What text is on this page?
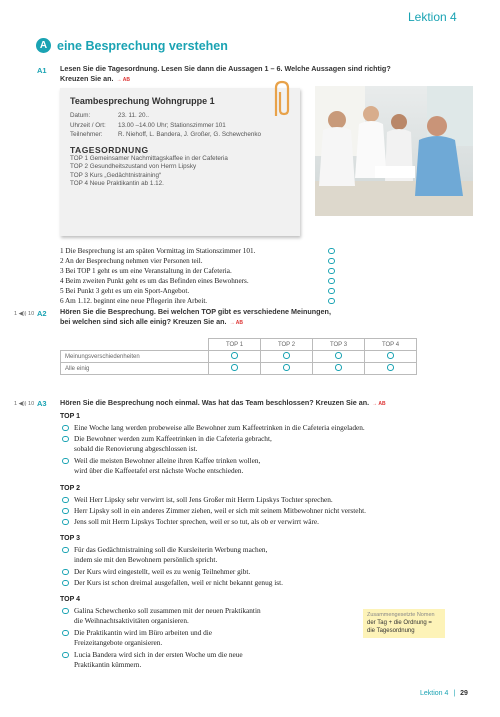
Lektion 4
A eine Besprechung verstehen
A1 Lesen Sie die Tagesordnung. Lesen Sie dann die Aussagen 1 – 6. Welche Aussagen sind richtig?
Kreuzen Sie an. → AB
Teambesprechung Wohngruppe 1
Datum:	23. 11. 20..
Uhrzeit / Ort:	13.00 –14.00 Uhr; Stationszimmer 101
Teilnehmer:	R. Niehoff, L. Bandera, J. Großer, G. Schewchenko
TAGESORDNUNG
TOP 1 Gemeinsamer Nachmittagskaffee in der Cafeteria
TOP 2 Gesundheitszustand von Herrn Lipsky
TOP 3 Kurs „Gedächtnistraining“
TOP 4 Neue Praktikantin ab 1.12.
1 Die Besprechung ist am späten Vormittag im Stationszimmer 101.
2 An der Besprechung nehmen vier Personen teil.
3 Bei TOP 1 geht es um eine Veranstaltung in der Cafeteria.
4 Beim zweiten Punkt geht es um das Befinden eines Bewohners.
5 Bei Punkt 3 geht es um ein Sport-Angebot.
6 Am 1.12. beginnt eine neue Pflegerin ihre Arbeit.
1 ◀)) 10 A2 Hören Sie die Besprechung. Bei welchen TOP gibt es verschiedene Meinungen,
bei welchen sind sich alle einig? Kreuzen Sie an. → AB
	TOP 1	TOP 2	TOP 3	TOP 4
Meinungsverschiedenheiten				
Alle einig				
1 ◀)) 10 A3 Hören Sie die Besprechung noch einmal. Was hat das Team beschlossen? Kreuzen Sie an. → AB
TOP 1
Eine Woche lang werden probeweise alle Bewohner zum Kaffeetrinken in die Cafeteria eingeladen.
Die Bewohner werden zum Kaffeetrinken in die Cafeteria gebracht,
sobald die Renovierung abgeschlossen ist.
Weil die meisten Bewohner alleine ihren Kaffee trinken wollen,
wird über die Kaffeetafel erst nächste Woche entschieden.
TOP 2
Weil Herr Lipsky sehr verwirrt ist, soll Jens Großer mit Herrn Lipskys Tochter sprechen.
Herr Lipsky soll in ein anderes Zimmer ziehen, weil er sich mit seinem Mitbewohner nicht versteht.
Jens soll mit Herrn Lipskys Tochter sprechen, weil er so tut, als ob er verwirrt wäre.
TOP 3
Für das Gedächtnistraining soll die Kursleiterin Werbung machen,
indem sie mit den Bewohnern persönlich spricht.
Der Kurs wird eingestellt, weil es zu wenig Teilnehmer gibt.
Der Kurs ist schon dreimal ausgefallen, weil er nicht bekannt genug ist.
TOP 4
Galina Schewchenko soll zusammen mit der neuen Praktikantin
die Weihnachtsaktivitäten organisieren.
Die Praktikantin wird im Büro arbeiten und die
Freizeitangebote organisieren.
Lucia Bandera wird sich in der ersten Woche um die neue
Praktikantin kümmern.
Zusammengesetzte Nomen
der Tag + die Ordnung =
die Tagesordnung
Lektion 4 | 29
